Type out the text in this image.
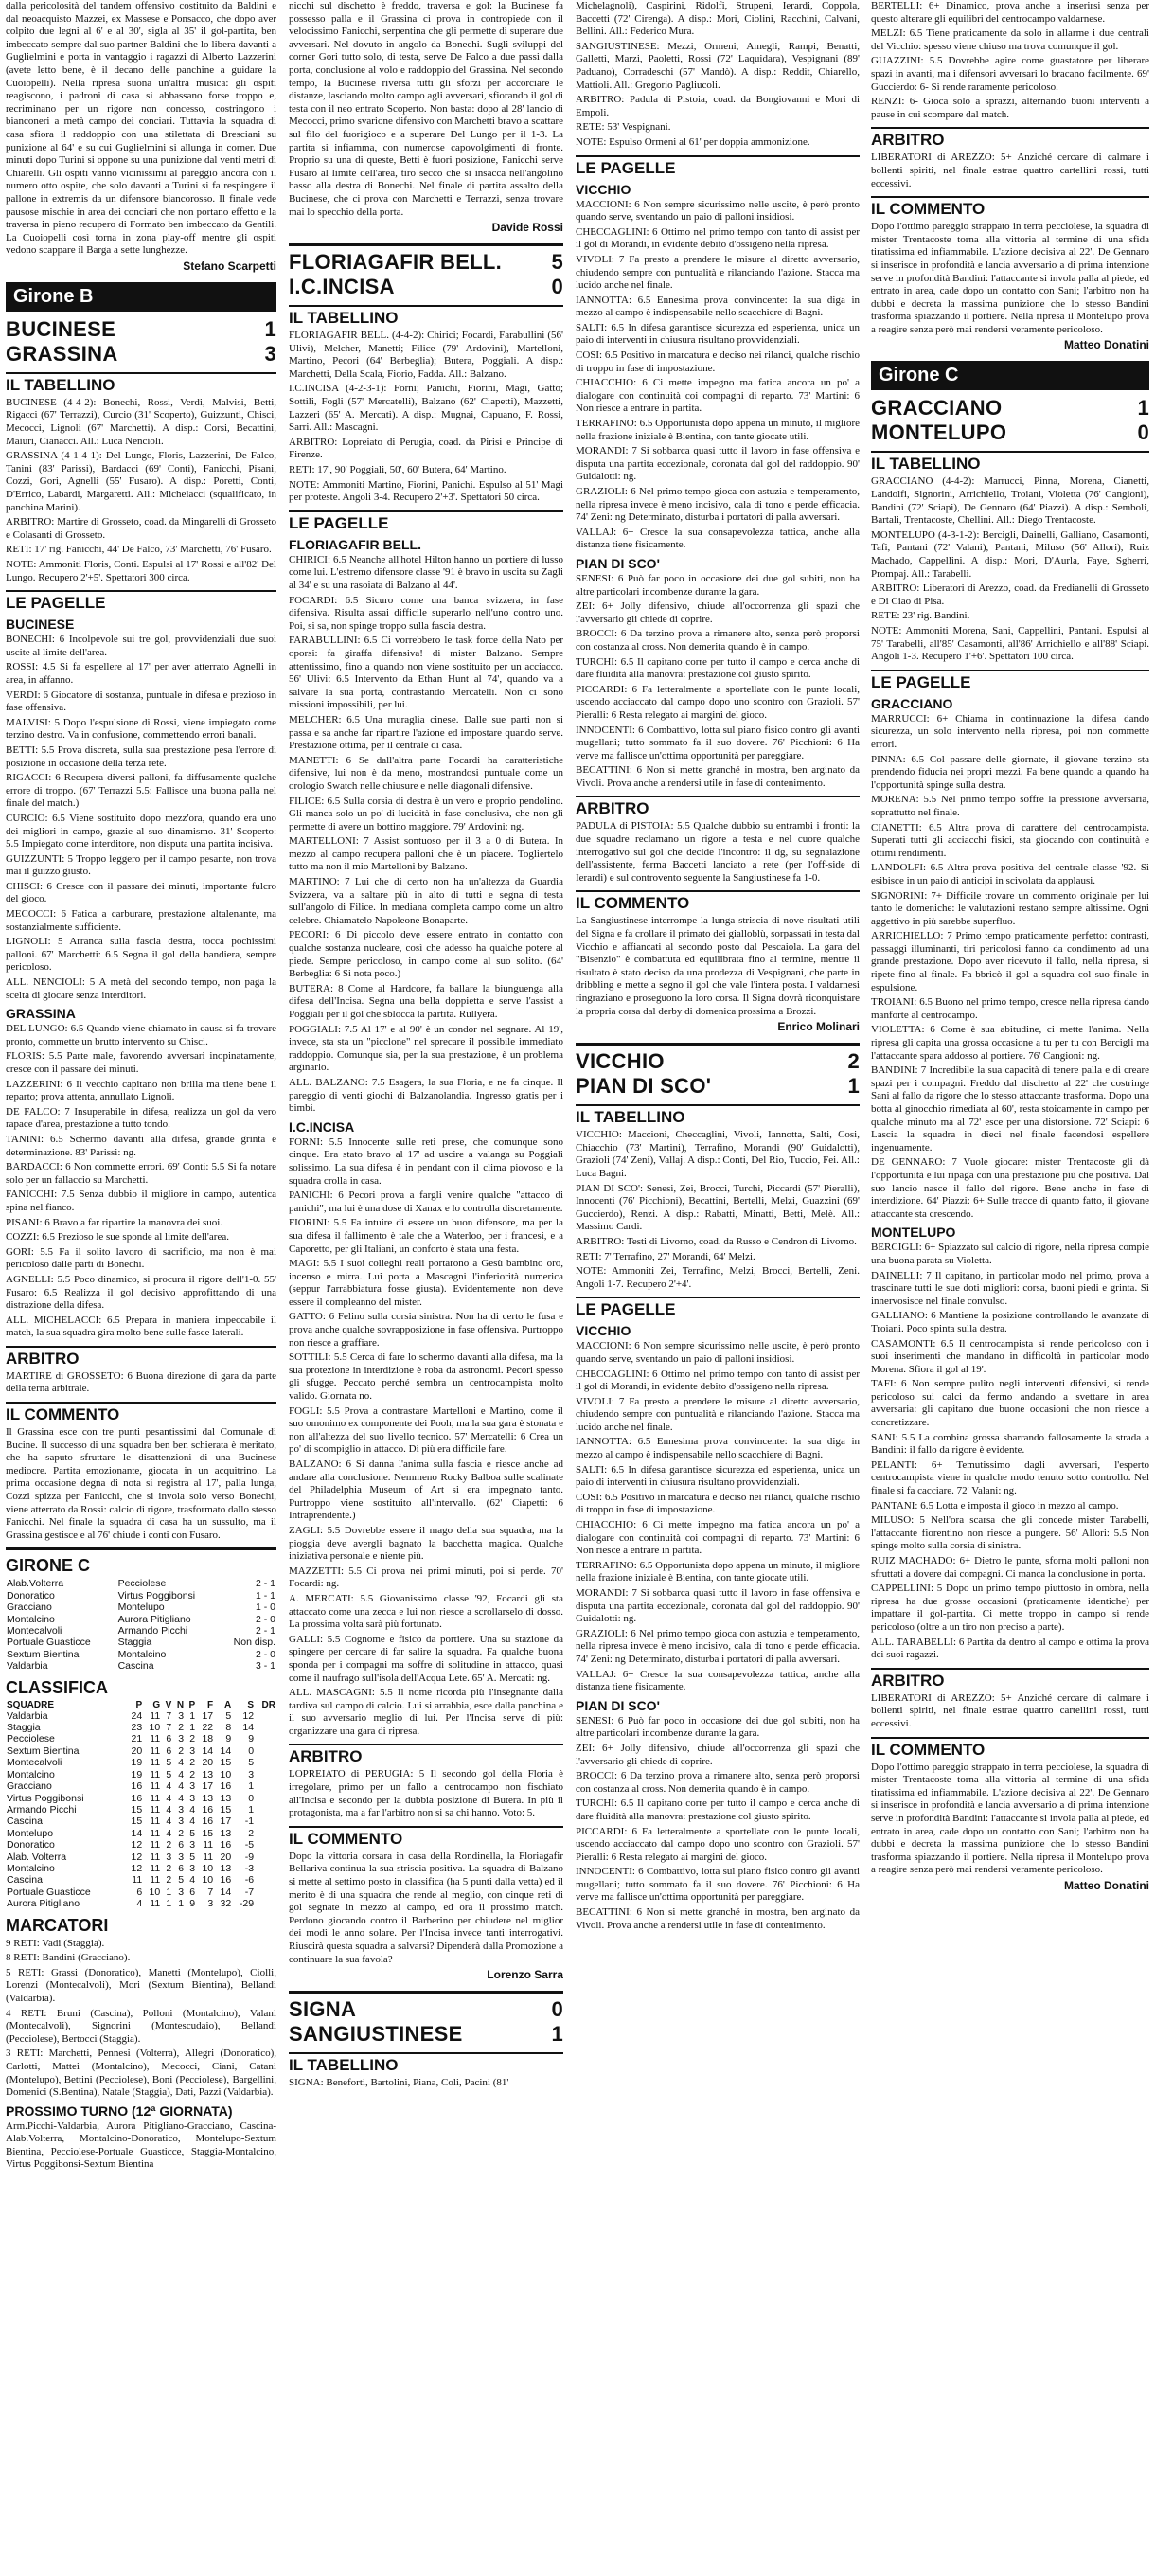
dalla pericolosità del tandem offensivo costituito da Baldini e dal neoacquisto Mazzei, ex Massese e Ponsacco, che dopo aver colpito due legni al 6' e al 30', sigla al 35' il gol-partita, ben imbeccato sempre dal suo partner Baldini che lo libera davanti a Guglielmini e porta in vantaggio i ragazzi di Alberto Lazzerini (avete letto bene, è il decano delle panchine a guidare la Cuoiopelli). Nella ripresa suona un'altra musica: gli ospiti reagiscono, i padroni di casa si abbassano forse troppo e, recriminano per un rigore non concesso, costringono i bianconeri a metà campo dei conciari. Tuttavia la squadra di casa sfiora il raddoppio con una stilettata di Bresciani su punizione al 64' e su cui Guglielmini si allunga in corner. Due minuti dopo Turini si oppone su una punizione dal venti metri di Chiarelli. Gli ospiti vanno vicinissimi al pareggio ancora con il numero otto ospite, che solo davanti a Turini si fa respingere il pallone in extremis da un difensore biancorosso. Il finale vede pausose mischie in area dei conciari che non portano effetto e la traversa in pieno recupero di Formato ben imbeccato da Gentili. La Cuoiopelli così torna in zona play-off mentre gli ospiti vedono scappare il Barga a sette lunghezze.

Stefano Scarpetti
Girone B
BUCINESE	1
GRASSINA	3
IL TABELLINO

BUCINESE (4-4-2): Bonechi, Rossi, Verdi, Malvisi, Betti, Rigacci (67' Terrazzi), Curcio (31' Scoperto), Guizzunti, Chisci, Mecocci, Lignoli (67' Marchetti). A disp.: Corsi, Becattini, Maiuri, Cianacci. All.: Luca Nencioli.

GRASSINA (4-1-4-1): Del Lungo, Floris, Lazzerini, De Falco, Tanini (83' Parissi), Bardacci (69' Conti), Fanicchi, Pisani, Cozzi, Gori, Agnelli (55' Fusaro). A disp.: Poretti, Conti, D'Errico, Labardi, Margaretti. All.: Michelacci (squalificato, in panchina Marini).

ARBITRO: Martire di Grosseto, coad. da Mingarelli di Grosseto e Colasanti di Grosseto.

RETI: 17' rig. Fanicchi, 44' De Falco, 73' Marchetti, 76' Fusaro.

NOTE: Ammoniti Floris, Conti. Espulsi al 17' Rossi e all'82' Del Lungo. Recupero 2'+5'. Spettatori 300 circa.

LE PAGELLE
BUCINESE

BONECHI: 6 Incolpevole sui tre gol, provvidenziali due suoi uscite al limite dell'area.

ROSSI: 4.5 Si fa espellere al 17' per aver atterrato Agnelli in area, in affanno.

VERDI: 6 Giocatore di sostanza, puntuale in difesa e prezioso in fase offensiva.

MALVISI: 5 Dopo l'espulsione di Rossi, viene impiegato come terzino destro. Va in confusione, commettendo errori banali.

BETTI: 5.5 Prova discreta, sulla sua prestazione pesa l'errore di posizione in occasione della terza rete.

RIGACCI: 6 Recupera diversi palloni, fa diffusamente qualche errore di troppo. (67' Terrazzi 5.5: Fallisce una buona palla nel finale del match.)

CURCIO: 6.5 Viene sostituito dopo mezz'ora, quando era uno dei migliori in campo, grazie al suo dinamismo. 31' Scoperto: 5.5 Impiegato come interditore, non disputa una partita incisiva.

GUIZZUNTI: 5 Troppo leggero per il campo pesante, non trova mai il guizzo giusto.

CHISCI: 6 Cresce con il passare dei minuti, importante fulcro del gioco.

MECOCCI: 6 Fatica a carburare, prestazione altalenante, ma sostanzialmente sufficiente.

LIGNOLI: 5 Arranca sulla fascia destra, tocca pochissimi palloni. 67' Marchetti: 6.5 Segna il gol della bandiera, sempre pericoloso.

ALL. NENCIOLI: 5 A metà del secondo tempo, non paga la scelta di giocare senza interditori.

GRASSINA

DEL LUNGO: 6.5 Quando viene chiamato in causa si fa trovare pronto, commette un brutto intervento su Chisci.

FLORIS: 5.5 Parte male, favorendo avversari inopinatamente, cresce con il passare dei minuti.

LAZZERINI: 6 Il vecchio capitano non brilla ma tiene bene il reparto; prova attenta, annullato Lignoli.

DE FALCO: 7 Insuperabile in difesa, realizza un gol da vero rapace d'area, prestazione a tutto tondo.

TANINI: 6.5 Schermo davanti alla difesa, grande grinta e determinazione. 83' Parissi: ng.

BARDACCI: 6 Non commette errori. 69' Conti: 5.5 Si fa notare solo per un fallaccio su Marchetti.

FANICCHI: 7.5 Senza dubbio il migliore in campo, autentica spina nel fianco.

PISANI: 6 Bravo a far ripartire la manovra dei suoi.

COZZI: 6.5 Prezioso le sue sponde al limite dell'area.

GORI: 5.5 Fa il solito lavoro di sacrificio, ma non è mai pericoloso dalle parti di Bonechi.

AGNELLI: 5.5 Poco dinamico, si procura il rigore dell'1-0. 55' Fusaro: 6.5 Realizza il gol decisivo approfittando di una distrazione della difesa.

ALL. MICHELACCI: 6.5 Prepara in maniera impeccabile il match, la sua squadra gira molto bene sulle fasce laterali.

ARBITRO

MARTIRE di GROSSETO: 6 Buona direzione di gara da parte della terna arbitrale.

IL COMMENTO

Il Grassina esce con tre punti pesantissimi dal Comunale di Bucine. Il successo di una squadra ben ben schierata è meritato, che ha saputo sfruttare le disattenzioni di una Bucinese mediocre. Partita emozionante, giocata in un acquitrino. La prima occasione degna di nota si registra al 17', palla lunga, Cozzi spizza per Fanicchi, che si invola solo verso Bonechi, viene atterrato da Rossi: calcio di rigore, trasformato dallo stesso Fanicchi. Nel finale la squadra di casa ha un sussulto, ma il Grassina gestisce e al 76' chiude i conti con Fusaro.

GIRONE C
Alab.Volterra	Pecciolese	2 - 1
Donoratico	Virtus Poggibonsi	1 - 1
Gracciano	Montelupo	1 - 0
Montalcino	Aurora Pitigliano	2 - 0
Montecalvoli	Armando Picchi	2 - 1
Portuale Guasticce	Staggia	Non disp.
Sextum Bientina	Montalcino	2 - 0
Valdarbia	Cascina	3 - 1
CLASSIFICA
SQUADRE	P	G	V	N	P	F	A	S	DR
Valdarbia	24	11	7	3	1	17	5	12	
Staggia	23	10	7	2	1	22	8	14	
Pecciolese	21	11	6	3	2	18	9	9	
Sextum Bientina	20	11	6	2	3	14	14	0	
Montecalvoli	19	11	5	4	2	20	15	5	
Montalcino	19	11	5	4	2	13	10	3	
Gracciano	16	11	4	4	3	17	16	1	
Virtus Poggibonsi	16	11	4	4	3	13	13	0	
Armando Picchi	15	11	4	3	4	16	15	1	
Cascina	15	11	4	3	4	16	17	-1	
Montelupo	14	11	4	2	5	15	13	2	
Donoratico	12	11	2	6	3	11	16	-5	
Alab. Volterra	12	11	3	3	5	11	20	-9	
Montalcino	12	11	2	6	3	10	13	-3	
Cascina	11	11	2	5	4	10	16	-6	
Portuale Guasticce	6	10	1	3	6	7	14	-7	
Aurora Pitigliano	4	11	1	1	9	3	32	-29	
MARCATORI

9 RETI: Vadi (Staggia).

8 RETI: Bandini (Gracciano).

5 RETI: Grassi (Donoratico), Manetti (Montelupo), Ciolli, Lorenzi (Montecalvoli), Mori (Sextum Bientina), Bellandi (Valdarbia).

4 RETI: Bruni (Cascina), Polloni (Montalcino), Valani (Montecalvoli), Signorini (Montescudaio), Bellandi (Pecciolese), Bertocci (Staggia).

3 RETI: Marchetti, Pennesi (Volterra), Allegri (Donoratico), Carlotti, Mattei (Montalcino), Mecocci, Ciani, Catani (Montelupo), Bettini (Pecciolese), Boni (Pecciolese), Bargellini, Domenici (S.Bentina), Natale (Staggia), Dati, Pazzi (Valdarbia).

PROSSIMO TURNO (12ª GIORNATA)

Arm.Picchi-Valdarbia, Aurora Pitigliano-Gracciano, Cascina-Alab.Volterra, Montalcino-Donoratico, Montelupo-Sextum Bientina, Pecciolese-Portuale Guasticce, Staggia-Montalcino, Virtus Poggibonsi-Sextum Bientina

nicchi sul dischetto è freddo, traversa e gol: la Bucinese fa possesso palla e il Grassina ci prova in contropiede con il velocissimo Fanicchi, serpentina che gli permette di superare due avversari. Nel dovuto in angolo da Bonechi. Sugli sviluppi del corner Gori tutto solo, di testa, serve De Falco a due passi dalla porta, conclusione al volo e raddoppio del Grassina. Nel secondo tempo, la Bucinese riversa tutti gli sforzi per accorciare le distanze, lasciando molto campo agli avversari, sfiorando il gol di testa con il neo entrato Scoperto. Non basta: dopo al 28' lancio di Mecocci, primo svarione difensivo con Marchetti bravo a scattare sul filo del fuorigioco e a superare Del Lungo per il 1-3. La partita si infiamma, con numerose capovolgimenti di fronte. Proprio su una di queste, Betti è fuori posizione, Fanicchi serve Fusaro al limite dell'area, tiro secco che si insacca nell'angolino basso alla destra di Bonechi. Nel finale di partita assalto della Bucinese, che ci prova con Marchetti e Terrazzi, senza trovare mai lo specchio della porta.

Davide Rossi
FLORIAGAFIR BELL. 5
I.C.INCISA	0
IL TABELLINO

FLORIAGAFIR BELL. (4-4-2): Chirici; Focardi, Farabullini (56' Ulivi), Melcher, Manetti; Filice (79' Ardovini), Martelloni, Martino, Pecori (64' Berbeglia); Butera, Poggiali. A disp.: Marchetti, Della Scala, Fiorio, Fadda. All.: Balzano.

I.C.INCISA (4-2-3-1): Forni; Panichi, Fiorini, Magi, Gatto; Sottili, Fogli (57' Mercatelli), Balzano (62' Ciapetti), Mazzetti, Lazzeri (65' A. Mercati). A disp.: Mugnai, Capuano, F. Rossi, Sarri. All.: Mascagni.

ARBITRO: Lopreiato di Perugia, coad. da Pirisi e Principe di Firenze.

RETI: 17', 90' Poggiali, 50', 60' Butera, 64' Martino.

NOTE: Ammoniti Martino, Fiorini, Panichi. Espulso al 51' Magi per proteste. Angoli 3-4. Recupero 2'+3'. Spettatori 50 circa.

LE PAGELLE
FLORIAGAFIR BELL.

CHIRICI: 6.5 Neanche all'hotel Hilton hanno un portiere di lusso come lui. L'estremo difensore classe '91 è bravo in uscita su Zagli al 34' e su una rasoiata di Balzano al 44'.

FOCARDI: 6.5 Sicuro come una banca svizzera, in fase difensiva. Risulta assai difficile superarlo nell'uno contro uno. Poi, si sa, non spinge troppo sulla fascia destra.

FARABULLINI: 6.5 Ci vorrebbero le task force della Nato per oporsi: fa giraffa difensiva! di mister Balzano. Sempre attentissimo, fino a quando non viene sostituito per un acciacco. 56' Ulivi: 6.5 Intervento da Ethan Hunt al 74', quando va a salvare la sua porta, contrastando Mercatelli. Non ci sono missioni impossibili, per lui.

MELCHER: 6.5 Una muraglia cinese. Dalle sue parti non si passa e sa anche far ripartire l'azione ed impostare quando serve. Prestazione ottima, per il centrale di casa.

MANETTI: 6 Se dall'altra parte Focardi ha caratteristiche difensive, lui non è da meno, mostrandosi puntuale come un orologio Swatch nelle chiusure e nelle diagonali difensive.

FILICE: 6.5 Sulla corsia di destra è un vero e proprio pendolino. Gli manca solo un po' di lucidità in fase conclusiva, che non gli permette di avere un bottino maggiore. 79' Ardovini: ng.

MARTELLONI: 7 Assist sontuoso per il 3 a 0 di Butera. In mezzo al campo recupera palloni che è un piacere. Togliertelo tutto ma non il mio Martelloni by Balzano.

MARTINO: 7 Lui che di certo non ha un'altezza da Guardia Svizzera, va a saltare più in alto di tutti e segna di testa sull'angolo di Filice. In mediana completa campo come un altro celebre. Chiamatelo Napoleone Bonaparte.

PECORI: 6 Di piccolo deve essere entrato in contatto con qualche sostanza nucleare, così che adesso ha qualche potere al piede. Sempre pericoloso, in campo come al suo solito. (64' Berbeglia: 6 Si nota poco.)

BUTERA: 8 Come al Hardcore, fa ballare la biunguenga alla difesa dell'Incisa. Segna una bella doppietta e serve l'assist a Poggiali per il gol che sblocca la partita. Rullyera.

POGGIALI: 7.5 Al 17' e al 90' è un condor nel segnare. Al 19', invece, sta sta un "picclone" nel sprecare il possibile immediato raddoppio. Comunque sia, per la sua prestazione, è un problema arginarlo.

ALL. BALZANO: 7.5 Esagera, la sua Floria, e ne fa cinque. Il pareggio di venti giochi di Balzanolandia. Ingresso gratis per i bimbi.

I.C.INCISA

FORNI: 5.5 Innocente sulle reti prese, che comunque sono cinque. Era stato bravo al 17' ad uscire a valanga su Poggiali solissimo. La sua difesa è in pendant con il clima piovoso e la squadra crolla in casa.

PANICHI: 6 Pecori prova a fargli venire qualche "attacco di panichi", ma lui è una dose di Xanax e lo controlla discretamente.

FIORINI: 5.5 Fa intuire di essere un buon difensore, ma per la sua difesa il fallimento è tale che a Waterloo, per i francesi, e a Caporetto, per gli Italiani, un conforto è stata una festa.

MAGI: 5.5 I suoi colleghi reali portarono a Gesù bambino oro, incenso e mirra. Lui porta a Mascagni l'inferiorità numerica (seppur l'arrabbiatura fosse giusta). Evidentemente non deve essere il compleanno del mister.

GATTO: 6 Felino sulla corsia sinistra. Non ha di certo le fusa e prova anche qualche sovrapposizione in fase offensiva. Purtroppo non riesce a graffiare.

SOTTILI: 5.5 Cerca di fare lo schermo davanti alla difesa, ma la sua protezione in interdizione è roba da astronomi. Pecori spesso gli sfugge. Peccato perché sembra un centrocampista molto valido. Giornata no.

FOGLI: 5.5 Prova a contrastare Martelloni e Martino, come il suo omonimo ex componente dei Pooh, ma la sua gara è stonata e non all'altezza del suo livello tecnico. 57' Mercatelli: 6 Crea un po' di scompiglio in attacco. Di più era difficile fare.

BALZANO: 6 Si danna l'anima sulla fascia e riesce anche ad andare alla conclusione. Nemmeno Rocky Balboa sulle scalinate del Philadelphia Museum of Art si era impegnato tanto. Purtroppo viene sostituito all'intervallo. (62' Ciapetti: 6 Intraprendente.)

ZAGLI: 5.5 Dovrebbe essere il mago della sua squadra, ma la pioggia deve avergli bagnato la bacchetta magica. Qualche iniziativa personale e niente più.

MAZZETTI: 5.5 Ci prova nei primi minuti, poi si perde. 70' Focardi: ng.

A. MERCATI: 5.5 Giovanissimo classe '92, Focardi gli sta attaccato come una zecca e lui non riesce a scrollarselo di dosso. La prossima volta sarà più fortunato.

GALLI: 5.5 Cognome e fisico da portiere. Una su stazione da spingere per cercare di far salire la squadra. Fa qualche buona sponda per i compagni ma soffre di solitudine in attacco, quasi come il naufrago sull'isola dell'Acqua Lete. 65' A. Mercati: ng.

ALL. MASCAGNI: 5.5 Il nome ricorda più l'insegnante dalla tardiva sul campo di calcio. Lui si arrabbia, esce dalla panchina e il suo avversario meglio di lui. Per l'Incisa serve di più: organizzare una gara di ripresa.

ARBITRO

LOPREIATO di PERUGIA: 5 Il secondo gol della Floria è irregolare, primo per un fallo a centrocampo non fischiato all'Incisa e secondo per la dubbia posizione di Butera. In più il protagonista, ma a far l'arbitro non si sa chi hanno. Voto: 5.

IL COMMENTO

Dopo la vittoria corsara in casa della Rondinella, la Floriagafir Bellariva continua la sua striscia positiva. La squadra di Balzano si mette al settimo posto in classifica (ha 5 punti dalla vetta) ed il merito è di una squadra che rende al meglio, con cinque reti di gol segnate in mezzo ai campo, ed ora il prossimo match. Perdono giocando contro il Barberino per chiudere nel miglior dei modi le anno solare. Per l'Incisa invece tanti interrogativi. Riuscirà questa squadra a salvarsi? Dipenderà dalla Promozione a continuare la sua favola?

Lorenzo Sarra
SIGNA	0
SANGIUSTINESE	1
IL TABELLINO

SIGNA: Beneforti, Bartolini, Piana, Coli, Pacini (81'

Michelagnoli), Caspirini, Ridolfi, Strupeni, Ierardi, Coppola, Baccetti (72' Cirenga). A disp.: Mori, Ciolini, Racchini, Calvani, Bellini. All.: Federico Mura.

SANGIUSTINESE: Mezzi, Ormeni, Amegli, Rampi, Benatti, Galletti, Marzi, Paoletti, Rossi (72' Laquidara), Vespignani (89' Paduano), Corradeschi (57' Mandò). A disp.: Reddit, Chiarello, Mattioli. All.: Gregorio Pagliucoli.

ARBITRO: Padula di Pistoia, coad. da Bongiovanni e Mori di Empoli.

RETE: 53' Vespignani.

NOTE: Espulso Ormeni al 61' per doppia ammonizione.

LE PAGELLE
VICCHIO

MACCIONI: 6 Non sempre sicurissimo nelle uscite, è però pronto quando serve, sventando un paio di palloni insidiosi.

CHECCAGLINI: 6 Ottimo nel primo tempo con tanto di assist per il gol di Morandi, in evidente debito d'ossigeno nella ripresa.

VIVOLI: 7 Fa presto a prendere le misure al diretto avversario, chiudendo sempre con puntualità e rilanciando l'azione. Stacca ma lucido anche nel finale.

IANNOTTA: 6.5 Ennesima prova convincente: la sua diga in mezzo al campo è indispensabile nello scacchiere di Bagni.

SALTI: 6.5 In difesa garantisce sicurezza ed esperienza, unica un paio di interventi in chiusura risultano provvidenziali.

COSI: 6.5 Positivo in marcatura e deciso nei rilanci, qualche rischio di troppo in fase di impostazione.

CHIACCHIO: 6 Ci mette impegno ma fatica ancora un po' a dialogare con continuità coi compagni di reparto. 73' Martini: 6 Non riesce a entrare in partita.

TERRAFINO: 6.5 Opportunista dopo appena un minuto, il migliore nella frazione iniziale è Bientina, con tante giocate utili.

MORANDI: 7 Si sobbarca quasi tutto il lavoro in fase offensiva e disputa una partita eccezionale, coronata dal gol del raddoppio. 90' Guidalotti: ng.

GRAZIOLI: 6 Nel primo tempo gioca con astuzia e temperamento, nella ripresa invece è meno incisivo, cala di tono e perde efficacia. 74' Zeni: ng Determinato, disturba i portatori di palla avversari.

VALLAJ: 6+ Cresce la sua consapevolezza tattica, anche alla distanza tiene fisicamente.

PIAN DI SCO'

SENESI: 6 Può far poco in occasione dei due gol subiti, non ha altre particolari incombenze durante la gara.

ZEI: 6+ Jolly difensivo, chiude all'occorrenza gli spazi che l'avversario gli chiede di coprire.

BROCCI: 6 Da terzino prova a rimanere alto, senza però proporsi con costanza al cross. Non demerita quando è in campo.

TURCHI: 6.5 Il capitano corre per tutto il campo e cerca anche di dare fluidità alla manovra: prestazione col giusto spirito.

PICCARDI: 6 Fa letteralmente a sportellate con le punte locali, uscendo acciaccato dal campo dopo uno scontro con Grazioli. 57' Pieralli: 6 Resta relegato ai margini del gioco.

INNOCENTI: 6 Combattivo, lotta sul piano fisico contro gli avanti mugellani; tutto sommato fa il suo dovere. 76' Picchioni: 6 Ha verve ma fallisce un'ottima opportunità per pareggiare.

BECATTINI: 6 Non si mette granché in mostra, ben arginato da Vivoli. Prova anche a rendersi utile in fase di contenimento.

ARBITRO

PADULA di PISTOIA: 5.5 Qualche dubbio su entrambi i fronti: la due squadre reclamano un rigore a testa e nel cuore qualche interrogativo sul gol che decide l'incontro: il dg, su segnalazione dell'assistente, ferma Baccetti lanciato a rete (per l'off-side di Ierardi) e sul controvento seguente la Sangiustinese fa 1-0.

IL COMMENTO

La Sangiustinese interrompe la lunga striscia di nove risultati utili del Signa e fa crollare il primato dei gialloblù, sorpassati in testa dal Vicchio e affiancati al secondo posto dal Pescaiola. La gara del "Bisenzio" è combattuta ed equilibrata fino al termine, mentre il risultato è stato deciso da una prodezza di Vespignani, che parte in dribbling e mette a segno il gol che vale l'intera posta. I valdarnesi ringraziano e proseguono la loro corsa. Il Signa dovrà riconquistare la propria corsa dal derby di domenica prossima a Brozzi.

Enrico Molinari
VICCHIO	2
PIAN DI SCO'	1
IL TABELLINO

VICCHIO: Maccioni, Checcaglini, Vivoli, Iannotta, Salti, Cosi, Chiacchio (73' Martini), Terrafino, Morandi (90' Guidalotti), Grazioli (74' Zeni), Vallaj. A disp.: Conti, Del Rio, Tuccio, Fei. All.: Luca Bagni.

PIAN DI SCO': Senesi, Zei, Brocci, Turchi, Piccardi (57' Pieralli), Innocenti (76' Picchioni), Becattini, Bertelli, Melzi, Guazzini (69' Guccierdo), Renzi. A disp.: Rabatti, Minatti, Betti, Melè. All.: Massimo Cardi.

ARBITRO: Testi di Livorno, coad. da Russo e Cendron di Livorno.

RETI: 7' Terrafino, 27' Morandi, 64' Melzi.

NOTE: Ammoniti Zei, Terrafino, Melzi, Brocci, Bertelli, Zeni. Angoli 1-7. Recupero 2'+4'.

LE PAGELLE
VICCHIO

MACCIONI: 6 Non sempre sicurissimo nelle uscite, è però pronto quando serve, sventando un paio di palloni insidiosi.

CHECCAGLINI: 6 Ottimo nel primo tempo con tanto di assist per il gol di Morandi, in evidente debito d'ossigeno nella ripresa.

VIVOLI: 7 Fa presto a prendere le misure al diretto avversario, chiudendo sempre con puntualità e rilanciando l'azione. Stacca ma lucido anche nel finale.

IANNOTTA: 6.5 Ennesima prova convincente: la sua diga in mezzo al campo è indispensabile nello scacchiere di Bagni.

SALTI: 6.5 In difesa garantisce sicurezza ed esperienza, unica un paio di interventi in chiusura risultano provvidenziali.

COSI: 6.5 Positivo in marcatura e deciso nei rilanci, qualche rischio di troppo in fase di impostazione.

CHIACCHIO: 6 Ci mette impegno ma fatica ancora un po' a dialogare con continuità coi compagni di reparto. 73' Martini: 6 Non riesce a entrare in partita.

TERRAFINO: 6.5 Opportunista dopo appena un minuto, il migliore nella frazione iniziale è Bientina, con tante giocate utili.

MORANDI: 7 Si sobbarca quasi tutto il lavoro in fase offensiva e disputa una partita eccezionale, coronata dal gol del raddoppio. 90' Guidalotti: ng.

GRAZIOLI: 6 Nel primo tempo gioca con astuzia e temperamento, nella ripresa invece è meno incisivo, cala di tono e perde efficacia. 74' Zeni: ng Determinato, disturba i portatori di palla avversari.

VALLAJ: 6+ Cresce la sua consapevolezza tattica, anche alla distanza tiene fisicamente.

PIAN DI SCO'

SENESI: 6 Può far poco in occasione dei due gol subiti, non ha altre particolari incombenze durante la gara.

ZEI: 6+ Jolly difensivo, chiude all'occorrenza gli spazi che l'avversario gli chiede di coprire.

BROCCI: 6 Da terzino prova a rimanere alto, senza però proporsi con costanza al cross. Non demerita quando è in campo.

TURCHI: 6.5 Il capitano corre per tutto il campo e cerca anche di dare fluidità alla manovra: prestazione col giusto spirito.

PICCARDI: 6 Fa letteralmente a sportellate con le punte locali, uscendo acciaccato dal campo dopo uno scontro con Grazioli. 57' Pieralli: 6 Resta relegato ai margini del gioco.

INNOCENTI: 6 Combattivo, lotta sul piano fisico contro gli avanti mugellani; tutto sommato fa il suo dovere. 76' Picchioni: 6 Ha verve ma fallisce un'ottima opportunità per pareggiare.

BECATTINI: 6 Non si mette granché in mostra, ben arginato da Vivoli. Prova anche a rendersi utile in fase di contenimento.

BERTELLI: 6+ Dinamico, prova anche a inserirsi senza per questo alterare gli equilibri del centrocampo valdarnese.

MELZI: 6.5 Tiene praticamente da solo in allarme i due centrali del Vicchio: spesso viene chiuso ma trova comunque il gol.

GUAZZINI: 5.5 Dovrebbe agire come guastatore per liberare spazi in avanti, ma i difensori avversari lo bracano facilmente. 69' Guccierdo: 6- Si rende raramente pericoloso.

RENZI: 6- Gioca solo a sprazzi, alternando buoni interventi a pause in cui scompare dal match.

ARBITRO

LIBERATORI di AREZZO: 5+ Anziché cercare di calmare i bollenti spiriti, nel finale estrae quattro cartellini rossi, tutti eccessivi.

IL COMMENTO

Dopo l'ottimo pareggio strappato in terra pecciolese, la squadra di mister Trentacoste torna alla vittoria al termine di una sfida tiratissima ed infiammabile. L'azione decisiva al 22'. De Gennaro si inserisce in profondità e lancia avversario a di prima intenzione serve in profondità Bandini: l'attaccante si invola palla al piede, ed entrato in area, cade dopo un contatto con Sani; l'arbitro non ha dubbi e decreta la massima punizione che lo stesso Bandini trasforma spiazzando il portiere. Nella ripresa il Montelupo prova a reagire senza però mai rendersi veramente pericoloso.

Matteo Donatini
Girone C
GRACCIANO	1
MONTELUPO	0
IL TABELLINO

GRACCIANO (4-4-2): Marrucci, Pinna, Morena, Cianetti, Landolfi, Signorini, Arrichiello, Troiani, Violetta (76' Cangioni), Bandini (72' Sciapi), De Gennaro (64' Piazzi). A disp.: Semboli, Bartali, Trentacoste, Chellini. All.: Diego Trentacoste.

MONTELUPO (4-3-1-2): Bercigli, Dainelli, Galliano, Casamonti, Tafi, Pantani (72' Valani), Pantani, Miluso (56' Allori), Ruiz Machado, Cappellini. A disp.: Mori, D'Aurla, Faye, Sgherri, Prompaj. All.: Tarabelli.

ARBITRO: Liberatori di Arezzo, coad. da Fredianelli di Grosseto e Di Ciao di Pisa.

RETE: 23' rig. Bandini.

NOTE: Ammoniti Morena, Sani, Cappellini, Pantani. Espulsi al 75' Tarabelli, all'85' Casamonti, all'86' Arrichiello e all'88' Sciapi. Angoli 1-3. Recupero 1'+6'. Spettatori 100 circa.

LE PAGELLE
GRACCIANO

MARRUCCI: 6+ Chiama in continuazione la difesa dando sicurezza, un solo intervento nella ripresa, poi non commette errori.

PINNA: 6.5 Col passare delle giornate, il giovane terzino sta prendendo fiducia nei propri mezzi. Fa bene quando a quando ha l'opportunità spinge sulla destra.

MORENA: 5.5 Nel primo tempo soffre la pressione avversaria, soprattutto nel finale.

CIANETTI: 6.5 Altra prova di carattere del centrocampista. Superati tutti gli acciacchi fisici, sta giocando con continuità e ottimi rendimenti.

LANDOLFI: 6.5 Altra prova positiva del centrale classe '92. Si esibisce in un paio di anticipi in scivolata da applausi.

SIGNORINI: 7+ Difficile trovare un commento originale per lui tanto le domeniche: le valutazioni restano sempre altissime. Ogni aggettivo in più sarebbe superfluo.

ARRICHIELLO: 7 Primo tempo praticamente perfetto: contrasti, passaggi illuminanti, tiri pericolosi fanno da condimento ad una grande prestazione. Dopo aver ricevuto il fallo, nella ripresa, si ripete fino al finale. Fa-bbricò il gol a squadra col suo finale in espulsione.

TROIANI: 6.5 Buono nel primo tempo, cresce nella ripresa dando manforte al centrocampo.

VIOLETTA: 6 Come è sua abitudine, ci mette l'anima. Nella ripresa gli capita una grossa occasione a tu per tu con Bercigli ma l'attaccante spara addosso al portiere. 76' Cangioni: ng.

BANDINI: 7 Incredibile la sua capacità di tenere palla e di creare spazi per i compagni. Freddo dal dischetto al 22' che costringe Sani al fallo da rigore che lo stesso attaccante trasforma. Dopo una botta al ginocchio rimediata al 60', resta stoicamente in campo per qualche minuto ma al 72' esce per una distorsione. 72' Sciapi: 6 Lascia la squadra in dieci nel finale facendosi espellere ingenuamente.

DE GENNARO: 7 Vuole giocare: mister Trentacoste gli dà l'opportunità e lui ripaga con una prestazione più che positiva. Dal suo lancio nasce il fallo del rigore. Bene anche in fase di interdizione. 64' Piazzi: 6+ Sulle tracce di quanto fatto, il giovane attaccante sta crescendo.

MONTELUPO

BERCIGLI: 6+ Spiazzato sul calcio di rigore, nella ripresa compie una buona parata su Violetta.

DAINELLI: 7 Il capitano, in particolar modo nel primo, prova a trascinare tutti le sue doti migliori: corsa, buoni piedi e grinta. Si innervosisce nel finale convulso.

GALLIANO: 6 Mantiene la posizione controllando le avanzate di Troiani. Poco spinta sulla destra.

CASAMONTI: 6.5 Il centrocampista si rende pericoloso con i suoi inserimenti che mandano in difficoltà in particolar modo Morena. Sfiora il gol al 19'.

TAFI: 6 Non sempre pulito negli interventi difensivi, si rende pericoloso sui calci da fermo andando a svettare in area avversaria: gli capitano due buone occasioni che non riesce a concretizzare.

SANI: 5.5 La combina grossa sbarrando fallosamente la strada a Bandini: il fallo da rigore è evidente.

PELANTI: 6+ Temutissimo dagli avversari, l'esperto centrocampista viene in qualche modo tenuto sotto controllo. Nel finale si fa cacciare. 72' Valani: ng.

PANTANI: 6.5 Lotta e imposta il gioco in mezzo al campo.

MILUSO: 5 Nell'ora scarsa che gli concede mister Tarabelli, l'attaccante fiorentino non riesce a pungere. 56' Allori: 5.5 Non spinge molto sulla corsia di sinistra.

RUIZ MACHADO: 6+ Dietro le punte, sforna molti palloni non sfruttati a dovere dai compagni. Ci manca la conclusione in porta.

CAPPELLINI: 5 Dopo un primo tempo piuttosto in ombra, nella ripresa ha due grosse occasioni (praticamente identiche) per impattare il gol-partita. Ci mette troppo in campo si rende pericoloso (oltre a un tiro non preciso a parte).

ALL. TARABELLI: 6 Partita da dentro al campo e ottima la prova dei suoi ragazzi.

ARBITRO

LIBERATORI di AREZZO: 5+ Anziché cercare di calmare i bollenti spiriti, nel finale estrae quattro cartellini rossi, tutti eccessivi.

IL COMMENTO

Dopo l'ottimo pareggio strappato in terra pecciolese, la squadra di mister Trentacoste torna alla vittoria al termine di una sfida tiratissima ed infiammabile. L'azione decisiva al 22'. De Gennaro si inserisce in profondità e lancia avversario a di prima intenzione serve in profondità Bandini: l'attaccante si invola palla al piede, ed entrato in area, cade dopo un contatto con Sani; l'arbitro non ha dubbi e decreta la massima punizione che lo stesso Bandini trasforma spiazzando il portiere. Nella ripresa il Montelupo prova a reagire senza però mai rendersi veramente pericoloso.

Matteo Donatini
